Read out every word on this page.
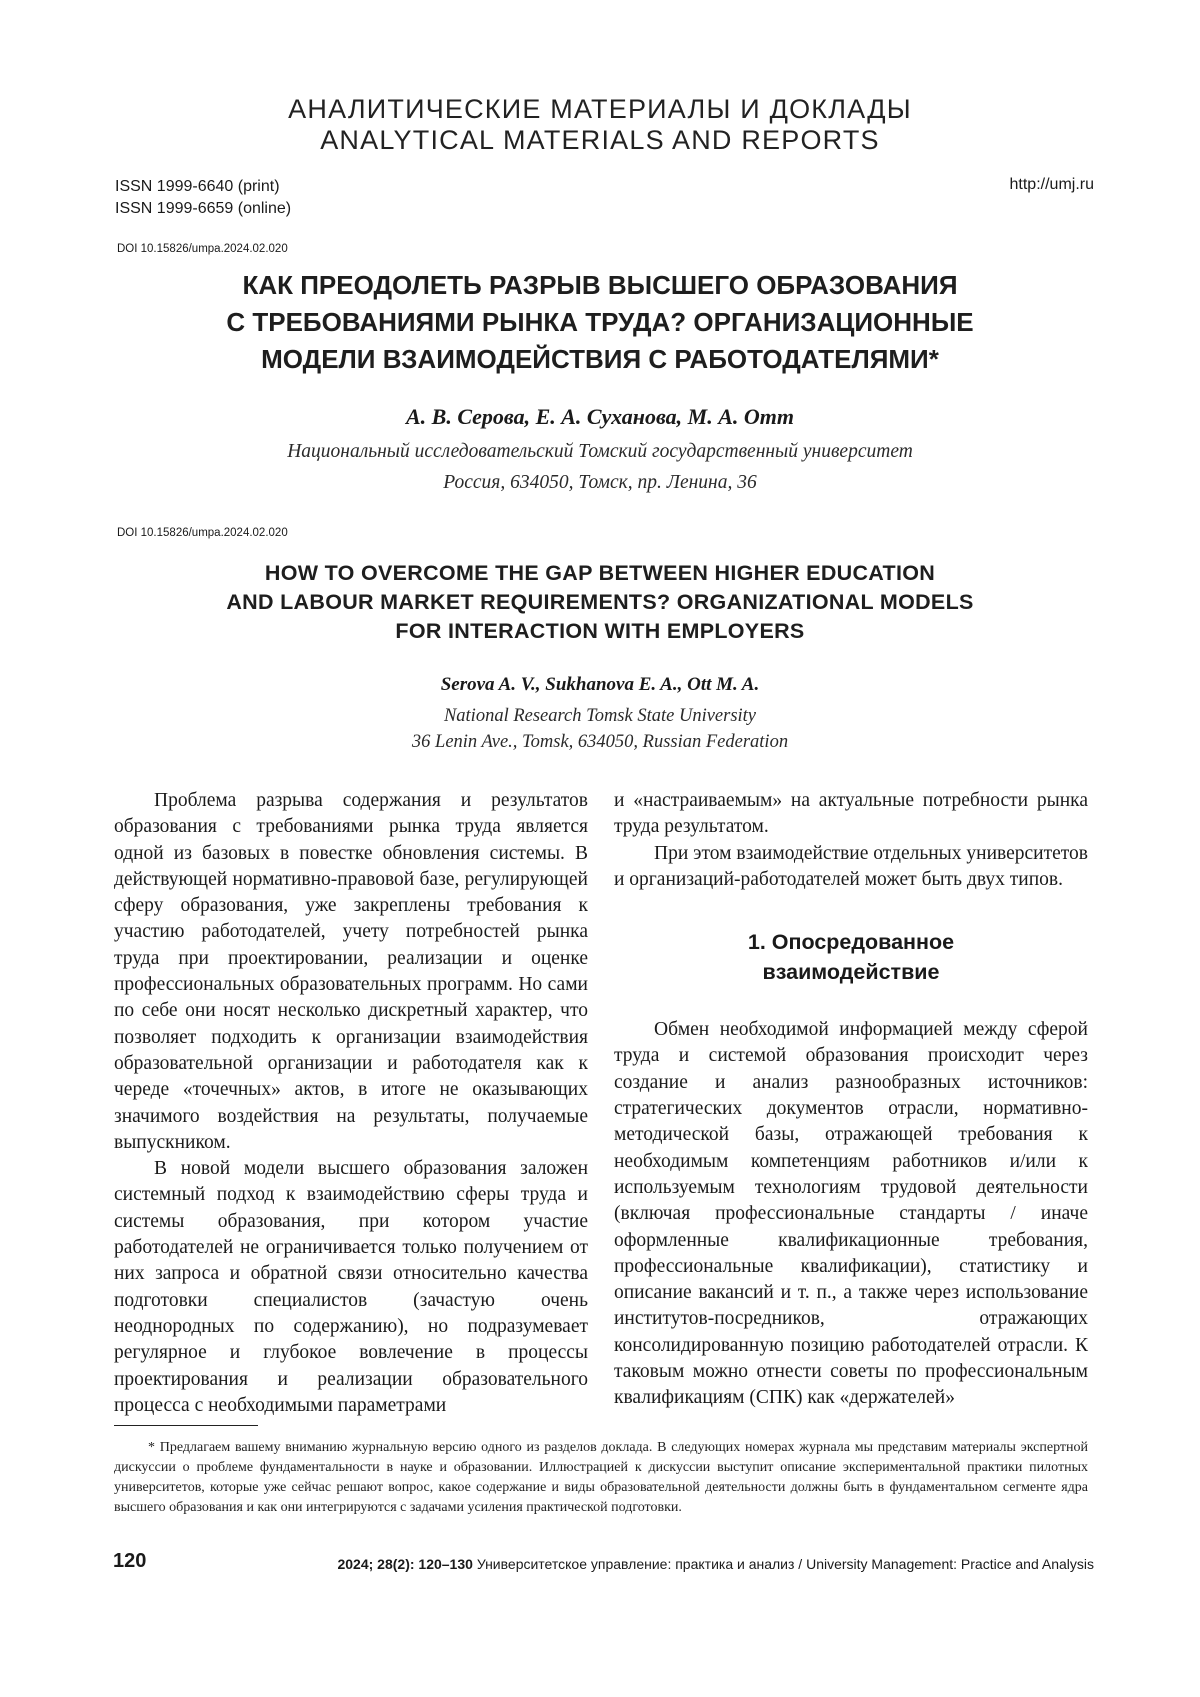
АНАЛИТИЧЕСКИЕ МАТЕРИАЛЫ И ДОКЛАДЫ
ANALYTICAL MATERIALS AND REPORTS
ISSN 1999-6640 (print)
ISSN 1999-6659 (online)
http://umj.ru
DOI 10.15826/umpa.2024.02.020
КАК ПРЕОДОЛЕТЬ РАЗРЫВ ВЫСШЕГО ОБРАЗОВАНИЯ
С ТРЕБОВАНИЯМИ РЫНКА ТРУДА? ОРГАНИЗАЦИОННЫЕ
МОДЕЛИ ВЗАИМОДЕЙСТВИЯ С РАБОТОДАТЕЛЯМИ*
А. В. Серова, Е. А. Суханова, М. А. Отт
Национальный исследовательский Томский государственный университет
Россия, 634050, Томск, пр. Ленина, 36
DOI 10.15826/umpa.2024.02.020
HOW TO OVERCOME THE GAP BETWEEN HIGHER EDUCATION
AND LABOUR MARKET REQUIREMENTS? ORGANIZATIONAL MODELS
FOR INTERACTION WITH EMPLOYERS
Serova A. V., Sukhanova E. A., Ott M. A.
National Research Tomsk State University
36 Lenin Ave., Tomsk, 634050, Russian Federation

Проблема разрыва содержания и результатов образования с требованиями рынка труда является одной из базовых в повестке обновления системы. В действующей нормативно-правовой базе, регулирующей сферу образования, уже закреплены требования к участию работодателей, учету потребностей рынка труда при проектировании, реализации и оценке профессиональных образовательных программ. Но сами по себе они носят несколько дискретный характер, что позволяет подходить к организации взаимодействия образовательной организации и работодателя как к череде «точечных» актов, в итоге не оказывающих значимого воздействия на результаты, получаемые выпускником.

В новой модели высшего образования заложен системный подход к взаимодействию сферы труда и системы образования, при котором участие работодателей не ограничивается только получением от них запроса и обратной связи относительно качества подготовки специалистов (зачастую очень неоднородных по содержанию), но подразумевает регулярное и глубокое вовлечение в процессы проектирования и реализации образовательного процесса с необходимыми параметрами

и «настраиваемым» на актуальные потребности рынка труда результатом.

При этом взаимодействие отдельных университетов и организаций-работодателей может быть двух типов.

1. Опосредованное
взаимодействие

Обмен необходимой информацией между сферой труда и системой образования происходит через создание и анализ разнообразных источников: стратегических документов отрасли, нормативно-методической базы, отражающей требования к необходимым компетенциям работников и/или к используемым технологиям трудовой деятельности (включая профессиональные стандарты / иначе оформленные квалификационные требования, профессиональные квалификации), статистику и описание вакансий и т. п., а также через использование институтов-посредников, отражающих консолидированную позицию работодателей отрасли. К таковым можно отнести советы по профессиональным квалификациям (СПК) как «держателей»

* Предлагаем вашему вниманию журнальную версию одного из разделов доклада. В следующих номерах журнала мы представим материалы экспертной дискуссии о проблеме фундаментальности в науке и образовании. Иллюстрацией к дискуссии выступит описание экспериментальной практики пилотных университетов, которые уже сейчас решают вопрос, какое содержание и виды образовательной деятельности должны быть в фундаментальном сегменте ядра высшего образования и как они интегрируются с задачами усиления практической подготовки.
120	2024; 28(2): 120–130 Университетское управление: практика и анализ / University Management: Practice and Analysis
